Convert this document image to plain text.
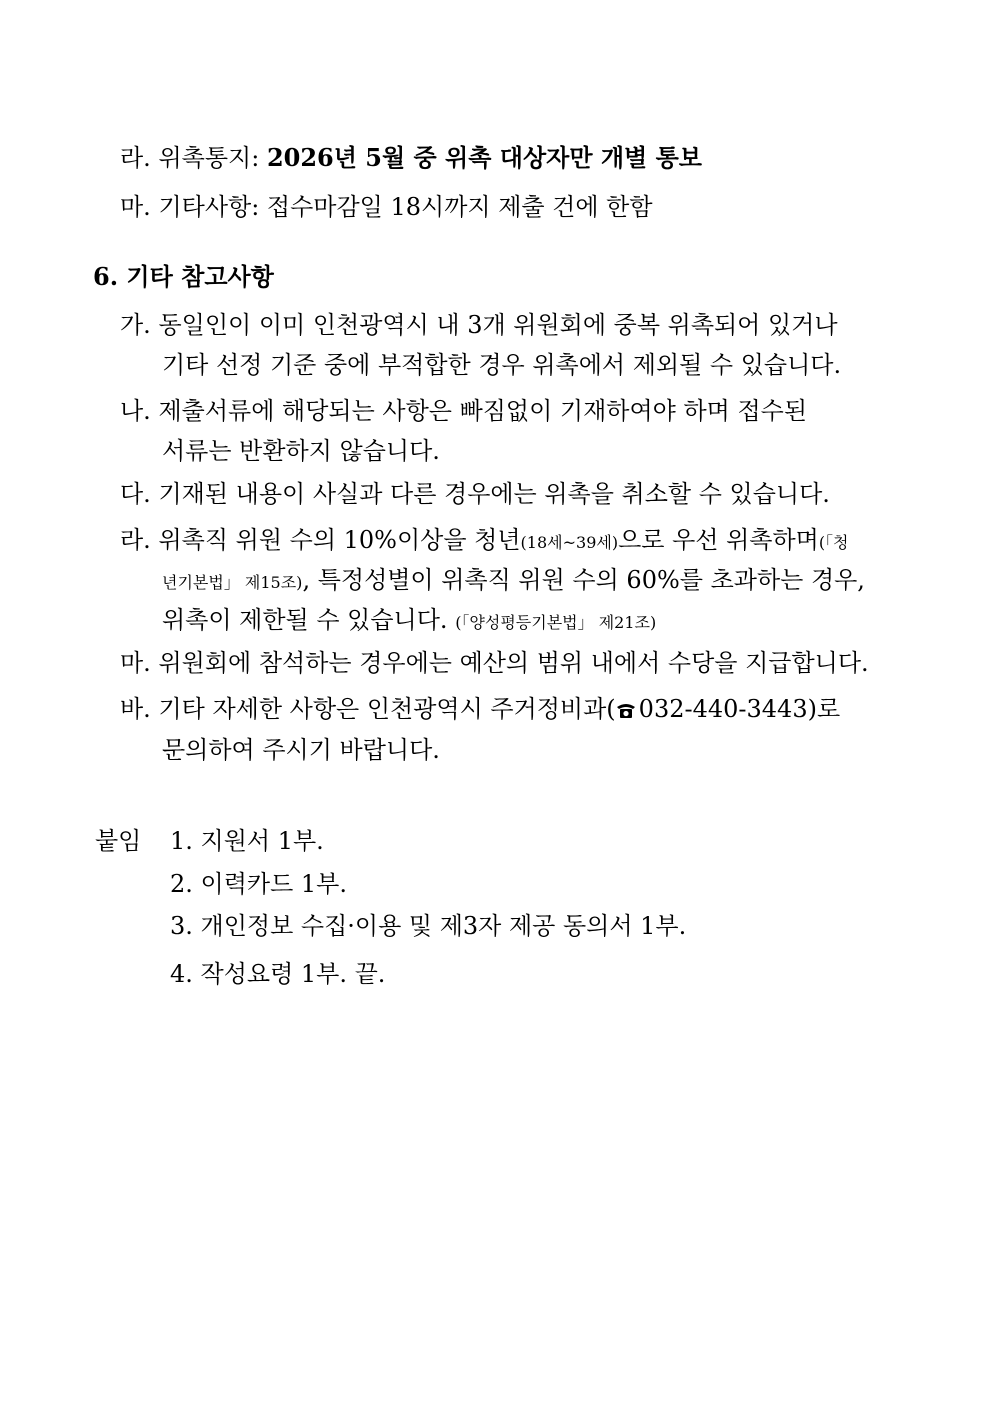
라. 위촉통지: 2026년 5월 중 위촉 대상자만 개별 통보
마. 기타사항: 접수마감일 18시까지 제출 건에 한함
6. 기타 참고사항
가. 동일인이 이미 인천광역시 내 3개 위원회에 중복 위촉되어 있거나
기타 선정 기준 중에 부적합한 경우 위촉에서 제외될 수 있습니다.
나. 제출서류에 해당되는 사항은 빠짐없이 기재하여야 하며 접수된
서류는 반환하지 않습니다.
다. 기재된 내용이 사실과 다른 경우에는 위촉을 취소할 수 있습니다.
라. 위촉직 위원 수의 10%이상을 청년(18세~39세)으로 우선 위촉하며(「청
년기본법」 제15조), 특정성별이 위촉직 위원 수의 60%를 초과하는 경우,
위촉이 제한될 수 있습니다. (「양성평등기본법」 제21조)
마. 위원회에 참석하는 경우에는 예산의 범위 내에서 수당을 지급합니다.
바. 기타 자세한 사항은 인천광역시 주거정비과( 032-440-3443)로
문의하여 주시기 바랍니다.
붙임 1. 지원서 1부.
2. 이력카드 1부.
3. 개인정보 수집·이용 및 제3자 제공 동의서 1부.
4. 작성요령 1부. 끝.
